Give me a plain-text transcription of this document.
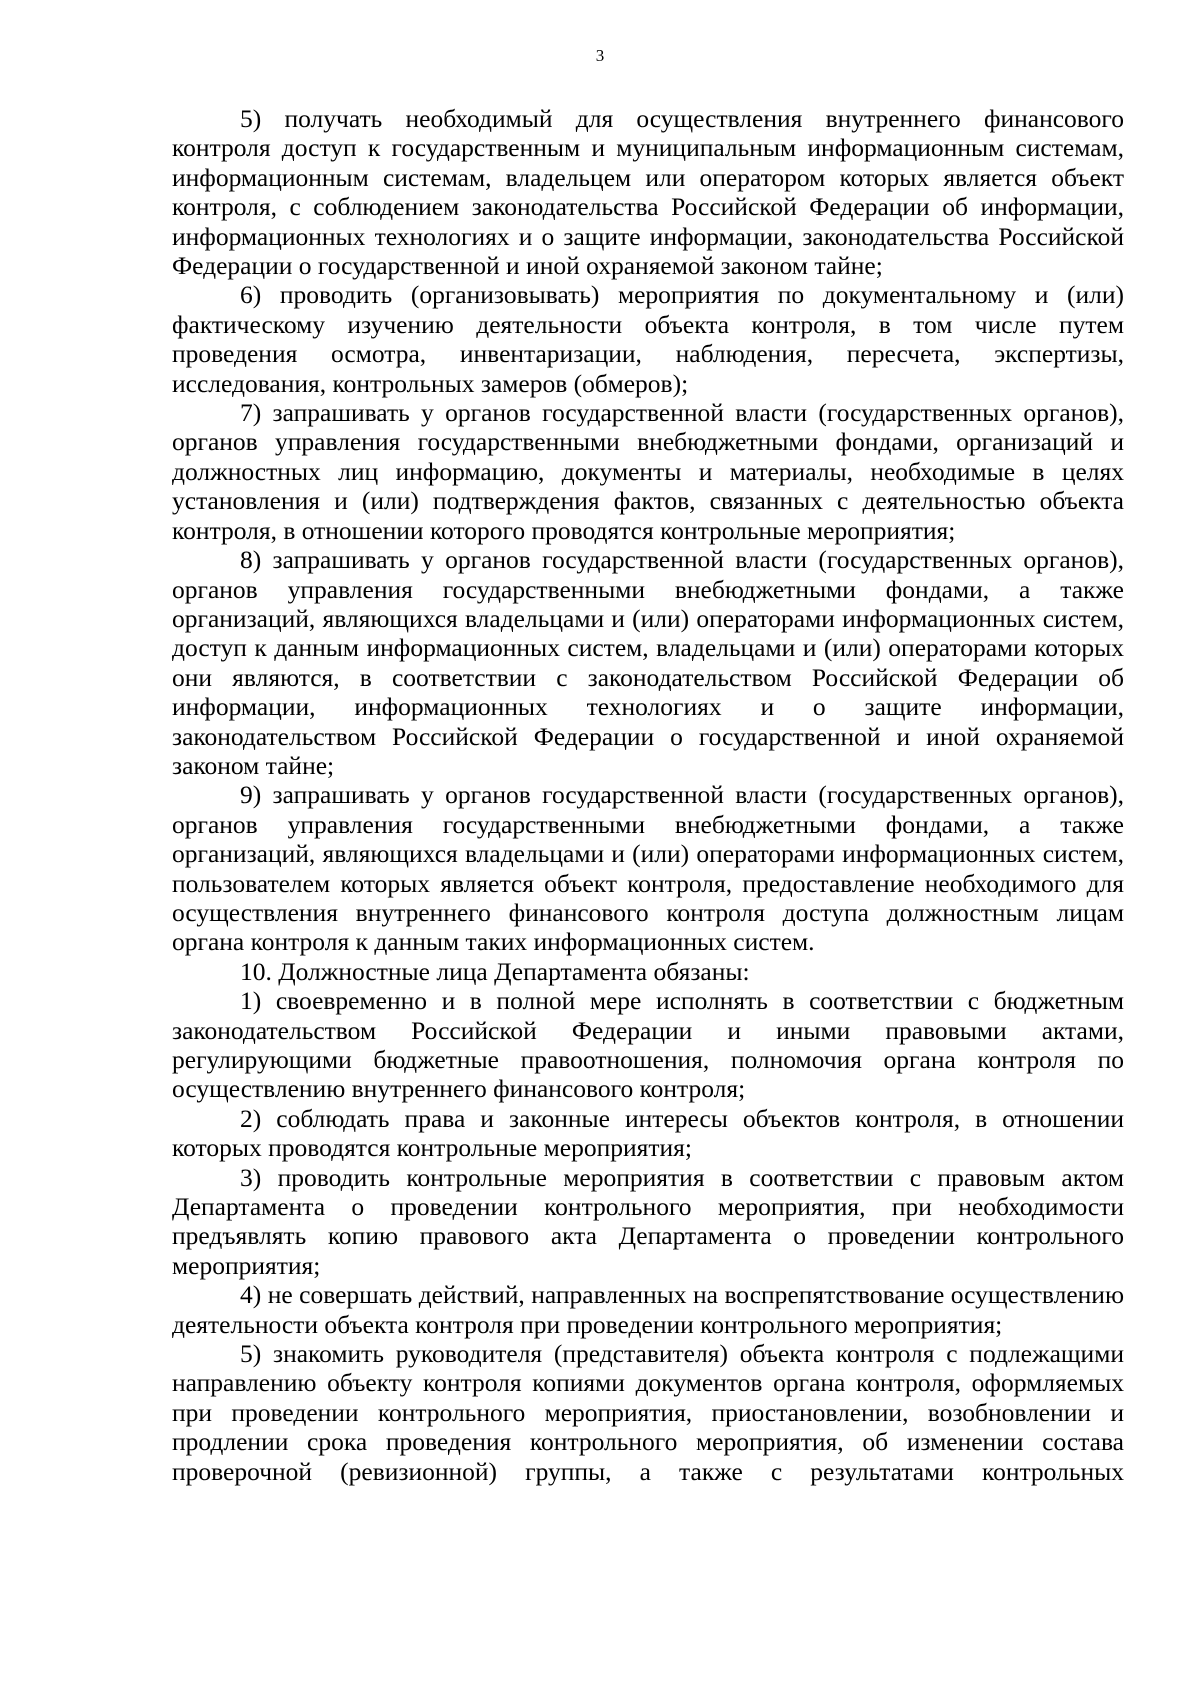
3

5) получать необходимый для осуществления внутреннего финансового контроля доступ к государственным и муниципальным информационным системам, информационным системам, владельцем или оператором которых является объект контроля, с соблюдением законодательства Российской Федерации об информации, информационных технологиях и о защите информации, законодательства Российской Федерации о государственной и иной охраняемой законом тайне;

6) проводить (организовывать) мероприятия по документальному и (или) фактическому изучению деятельности объекта контроля, в том числе путем проведения осмотра, инвентаризации, наблюдения, пересчета, экспертизы, исследования, контрольных замеров (обмеров);

7) запрашивать у органов государственной власти (государственных органов), органов управления государственными внебюджетными фондами, организаций и должностных лиц информацию, документы и материалы, необходимые в целях установления и (или) подтверждения фактов, связанных с деятельностью объекта контроля, в отношении которого проводятся контрольные мероприятия;

8) запрашивать у органов государственной власти (государственных органов), органов управления государственными внебюджетными фондами, а также организаций, являющихся владельцами и (или) операторами информационных систем, доступ к данным информационных систем, владельцами и (или) операторами которых они являются, в соответствии с законодательством Российской Федерации об информации, информационных технологиях и о защите информации, законодательством Российской Федерации о государственной и иной охраняемой законом тайне;

9) запрашивать у органов государственной власти (государственных органов), органов управления государственными внебюджетными фондами, а также организаций, являющихся владельцами и (или) операторами информационных систем, пользователем которых является объект контроля, предоставление необходимого для осуществления внутреннего финансового контроля доступа должностным лицам органа контроля к данным таких информационных систем.

10. Должностные лица Департамента обязаны:

1) своевременно и в полной мере исполнять в соответствии с бюджетным законодательством Российской Федерации и иными правовыми актами, регулирующими бюджетные правоотношения, полномочия органа контроля по осуществлению внутреннего финансового контроля;

2) соблюдать права и законные интересы объектов контроля, в отношении которых проводятся контрольные мероприятия;

3) проводить контрольные мероприятия в соответствии с правовым актом Департамента о проведении контрольного мероприятия, при необходимости предъявлять копию правового акта Департамента о проведении контрольного мероприятия;

4) не совершать действий, направленных на воспрепятствование осуществлению деятельности объекта контроля при проведении контрольного мероприятия;

5) знакомить руководителя (представителя) объекта контроля с подлежащими направлению объекту контроля копиями документов органа контроля, оформляемых при проведении контрольного мероприятия, приостановлении, возобновлении и продлении срока проведения контрольного мероприятия, об изменении состава проверочной (ревизионной) группы, а также с результатами контрольных
